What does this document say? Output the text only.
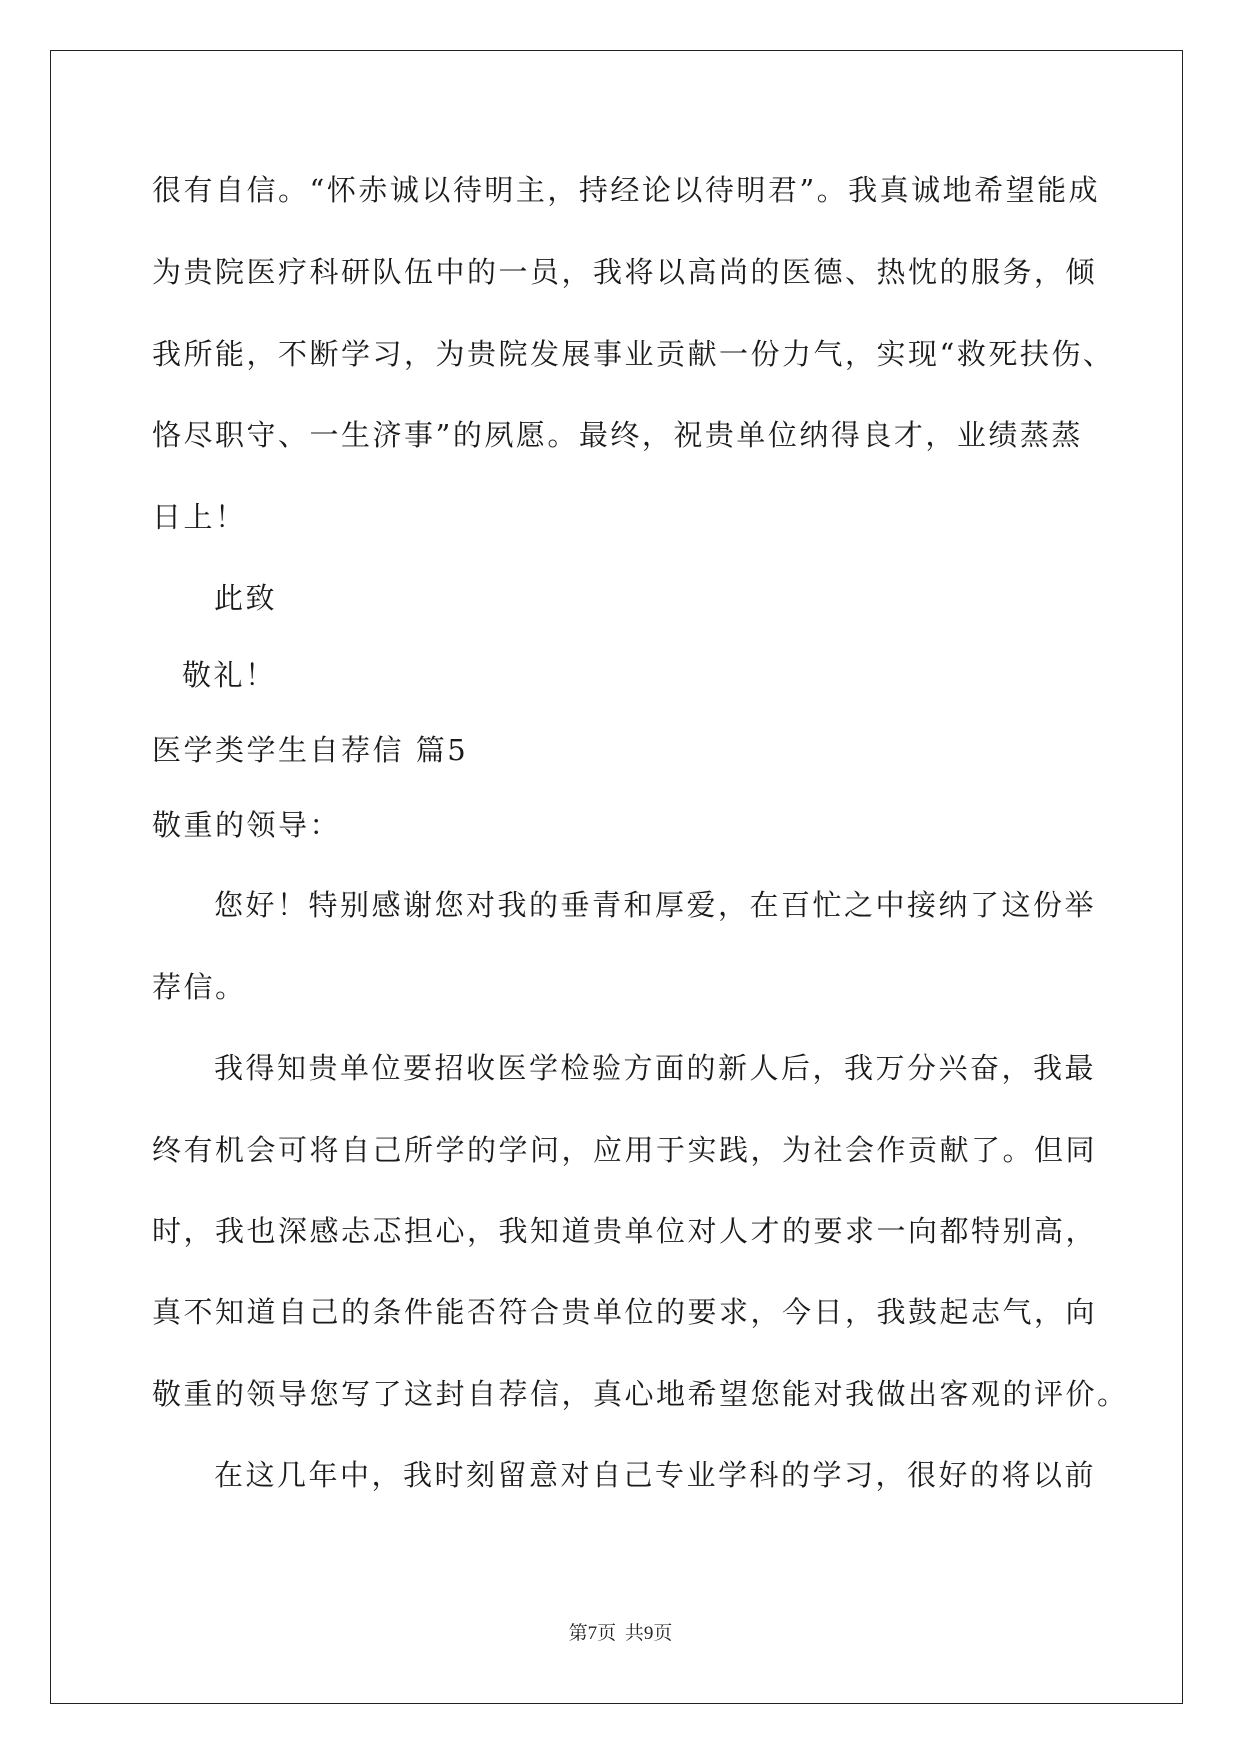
很有自信。“怀赤诚以待明主，持经论以待明君”。我真诚地希望能成

为贵院医疗科研队伍中的一员，我将以高尚的医德、热忱的服务，倾

我所能，不断学习，为贵院发展事业贡献一份力气，实现“救死扶伤、

恪尽职守、一生济事”的夙愿。最终，祝贵单位纳得良才，业绩蒸蒸

日上！

此致

敬礼！

医学类学生自荐信 篇5

敬重的领导：

您好！特别感谢您对我的垂青和厚爱，在百忙之中接纳了这份举

荐信。

我得知贵单位要招收医学检验方面的新人后，我万分兴奋，我最

终有机会可将自己所学的学问，应用于实践，为社会作贡献了。但同

时，我也深感忐忑担心，我知道贵单位对人才的要求一向都特别高，

真不知道自己的条件能否符合贵单位的要求，今日，我鼓起志气，向

敬重的领导您写了这封自荐信，真心地希望您能对我做出客观的评价。

在这几年中，我时刻留意对自己专业学科的学习，很好的将以前

第7页 共9页
